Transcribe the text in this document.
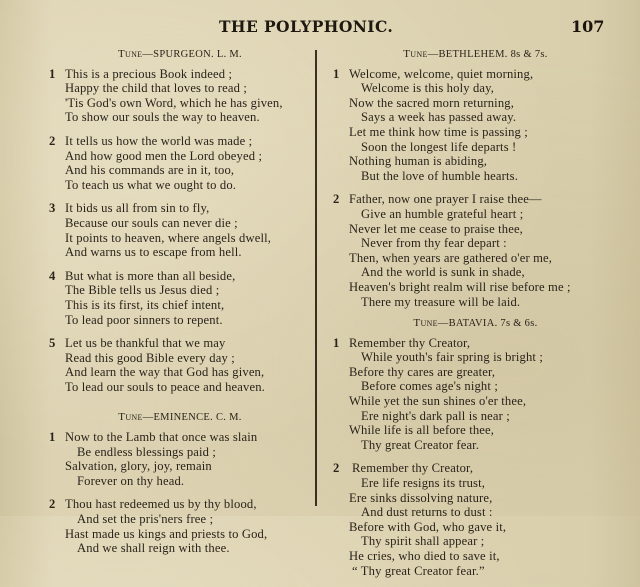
THE POLYPHONIC.	107
Tune—SPURGEON. L. M.
1 This is a precious Book indeed ;
Happy the child that loves to read ;
'Tis God's own Word, which he has given,
To show our souls the way to heaven.
2 It tells us how the world was made ;
And how good men the Lord obeyed ;
And his commands are in it, too,
To teach us what we ought to do.
3 It bids us all from sin to fly,
Because our souls can never die ;
It points to heaven, where angels dwell,
And warns us to escape from hell.
4 But what is more than all beside,
The Bible tells us Jesus died ;
This is its first, its chief intent,
To lead poor sinners to repent.
5 Let us be thankful that we may
Read this good Bible every day ;
And learn the way that God has given,
To lead our souls to peace and heaven.
Tune—EMINENCE. C. M.
1 Now to the Lamb that once was slain
Be endless blessings paid ;
Salvation, glory, joy, remain
Forever on thy head.
2 Thou hast redeemed us by thy blood,
And set the pris'ners free ;
Hast made us kings and priests to God,
And we shall reign with thee.
Tune—BETHLEHEM. 8s & 7s.
1 Welcome, welcome, quiet morning,
Welcome is this holy day,
Now the sacred morn returning,
Says a week has passed away.
Let me think how time is passing ;
Soon the longest life departs !
Nothing human is abiding,
But the love of humble hearts.
2 Father, now one prayer I raise thee—
Give an humble grateful heart ;
Never let me cease to praise thee,
Never from thy fear depart :
Then, when years are gathered o'er me,
And the world is sunk in shade,
Heaven's bright realm will rise before me ;
There my treasure will be laid.
Tune—BATAVIA. 7s & 6s.
1 Remember thy Creator,
While youth's fair spring is bright ;
Before thy cares are greater,
Before comes age's night ;
While yet the sun shines o'er thee,
Ere night's dark pall is near ;
While life is all before thee,
Thy great Creator fear.
2 Remember thy Creator,
Ere life resigns its trust,
Ere sinks dissolving nature,
And dust returns to dust :
Before with God, who gave it,
Thy spirit shall appear ;
He cries, who died to save it,
“ Thy great Creator fear.”
